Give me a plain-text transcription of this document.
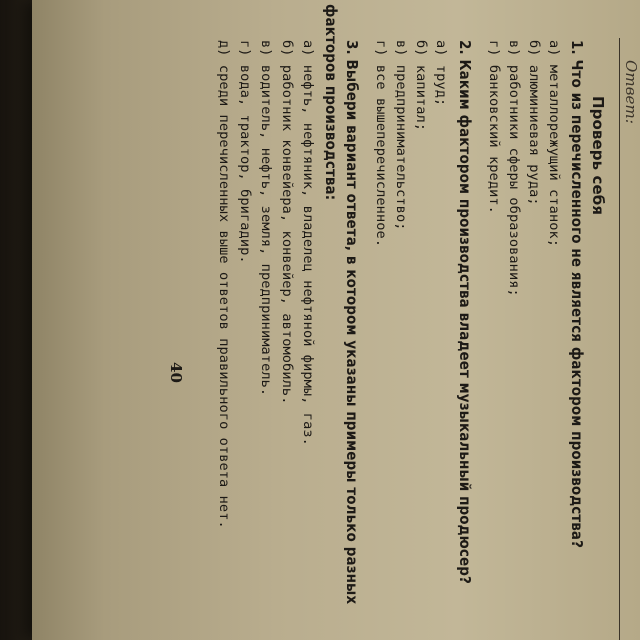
Ответ:
Проверь себя
1. Что из перечисленного не является фактором производства?
а) металлорежущий станок;
б) алюминиевая руда;
в) работники сферы образования;
г) банковский кредит.
2. Каким фактором производства владеет музыкальный продюсер?
а) труд;
б) капитал;
в) предпринимательство;
г) все вышеперечисленное.
3. Выбери вариант ответа, в котором указаны примеры только разных
факторов производства:
а) нефть, нефтяник, владелец нефтяной фирмы, газ.
б) работник конвейера, конвейер, автомобиль.
в) водитель, нефть, земля, предприниматель.
г) вода, трактор, бригадир.
д) среди перечисленных выше ответов правильного ответа нет.
40
